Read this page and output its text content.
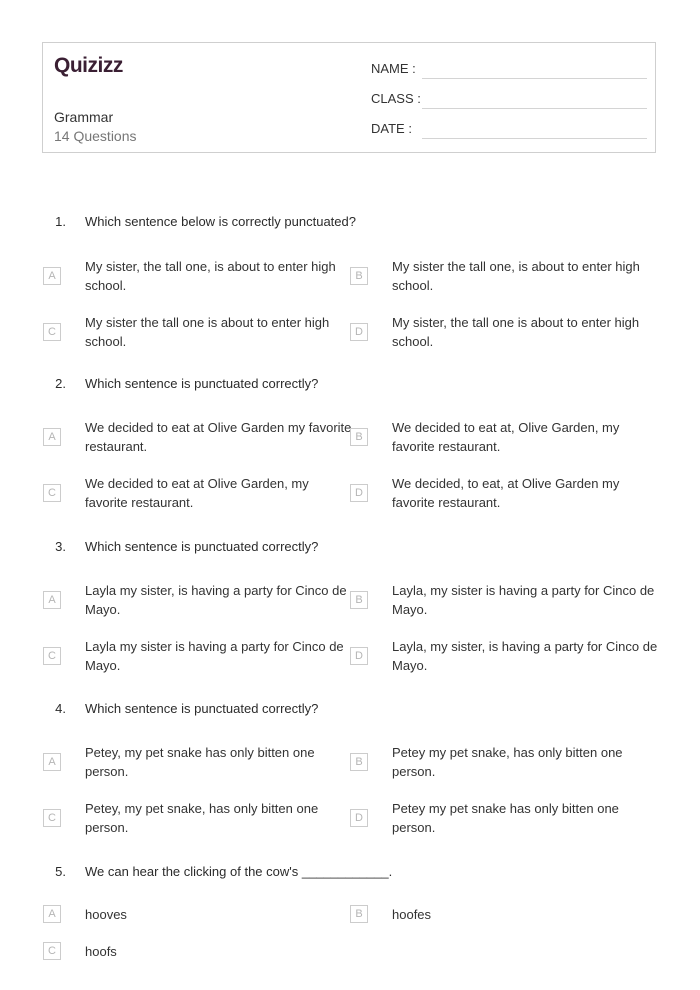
Quizizz
Grammar
14 Questions
NAME :
CLASS :
DATE :
1. Which sentence below is correctly punctuated?
A
My sister, the tall one, is about to enter high school.
B
My sister the tall one, is about to enter high school.
C
My sister the tall one is about to enter high school.
D
My sister, the tall one is about to enter high school.
2. Which sentence is punctuated correctly?
A
We decided to eat at Olive Garden my favorite restaurant.
B
We decided to eat at, Olive Garden, my favorite restaurant.
C
We decided to eat at Olive Garden, my favorite restaurant.
D
We decided, to eat, at Olive Garden my favorite restaurant.
3. Which sentence is punctuated correctly?
A
Layla my sister, is having a party for Cinco de Mayo.
B
Layla, my sister is having a party for Cinco de Mayo.
C
Layla my sister is having a party for Cinco de Mayo.
D
Layla, my sister, is having a party for Cinco de Mayo.
4. Which sentence is punctuated correctly?
A
Petey, my pet snake has only bitten one person.
B
Petey my pet snake, has only bitten one person.
C
Petey, my pet snake, has only bitten one person.
D
Petey my pet snake has only bitten one person.
5. We can hear the clicking of the cow's ____________.
A	hooves	B	hoofes
C	hoofs
